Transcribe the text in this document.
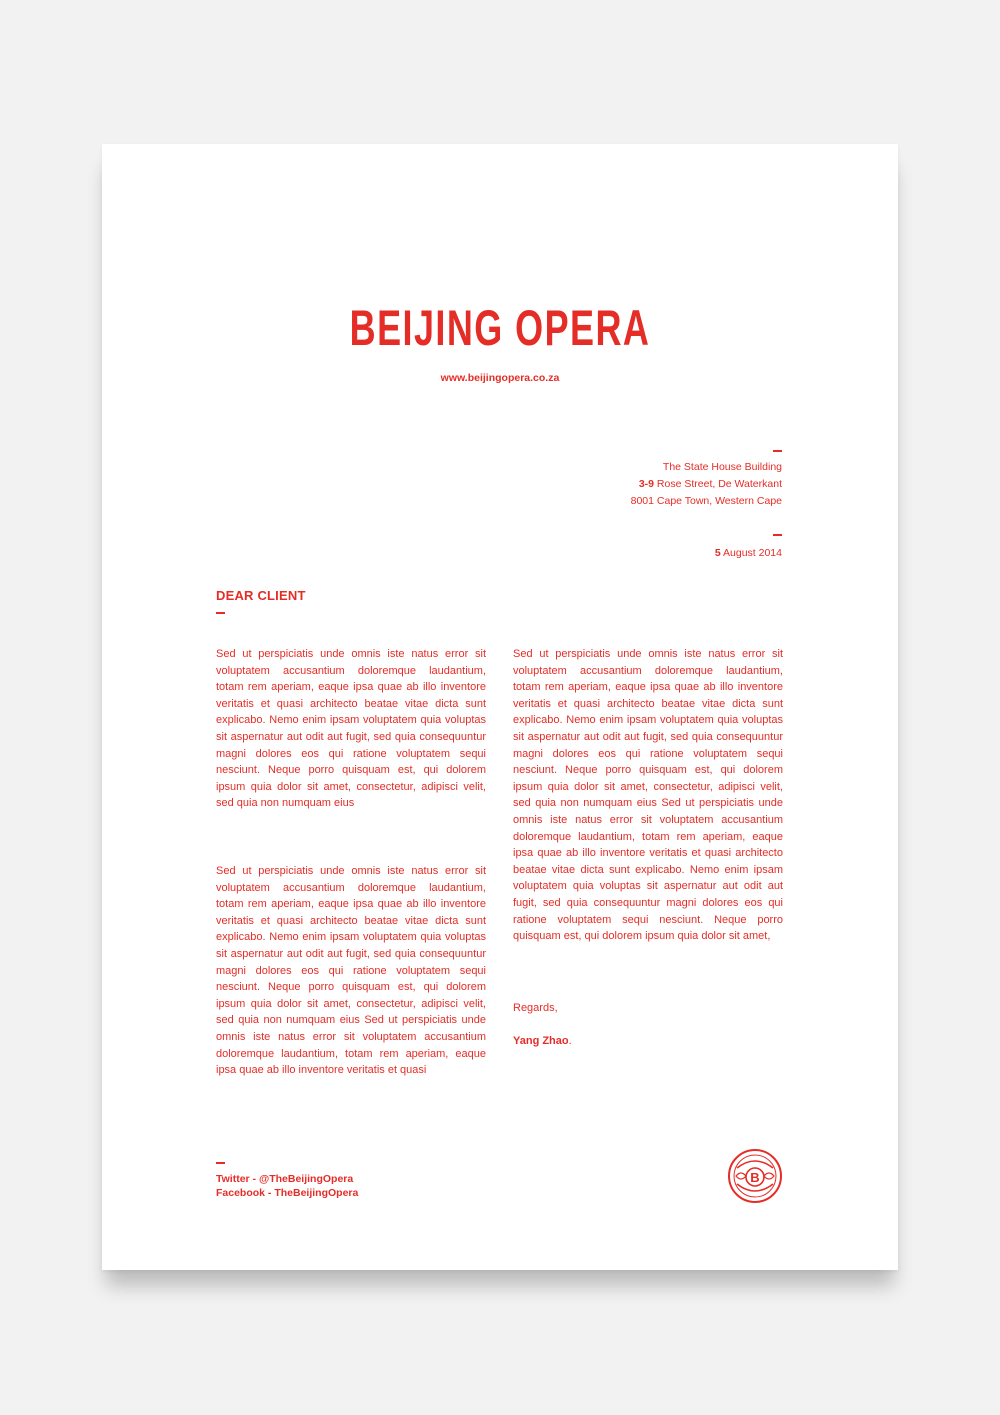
BEIJING OPERA
www.beijingopera.co.za
The State House Building
3-9 Rose Street, De Waterkant
8001 Cape Town, Western Cape
5 August 2014
DEAR CLIENT

Sed ut perspiciatis unde omnis iste natus error sit voluptatem accusantium doloremque laudantium, totam rem aperiam, eaque ipsa quae ab illo inventore veritatis et quasi architecto beatae vitae dicta sunt explicabo. Nemo enim ipsam voluptatem quia voluptas sit aspernatur aut odit aut fugit, sed quia consequuntur magni dolores eos qui ratione voluptatem sequi nesciunt. Neque porro quisquam est, qui dolorem ipsum quia dolor sit amet, consectetur, adipisci velit, sed quia non numquam eius

Sed ut perspiciatis unde omnis iste natus error sit voluptatem accusantium doloremque laudantium, totam rem aperiam, eaque ipsa quae ab illo inventore veritatis et quasi architecto beatae vitae dicta sunt explicabo. Nemo enim ipsam voluptatem quia voluptas sit aspernatur aut odit aut fugit, sed quia consequuntur magni dolores eos qui ratione voluptatem sequi nesciunt. Neque porro quisquam est, qui dolorem ipsum quia dolor sit amet, consectetur, adipisci velit, sed quia non numquam eius Sed ut perspiciatis unde omnis iste natus error sit voluptatem accusantium doloremque laudantium, totam rem aperiam, eaque ipsa quae ab illo inventore veritatis et quasi

Sed ut perspiciatis unde omnis iste natus error sit voluptatem accusantium doloremque laudantium, totam rem aperiam, eaque ipsa quae ab illo inventore veritatis et quasi architecto beatae vitae dicta sunt explicabo. Nemo enim ipsam voluptatem quia voluptas sit aspernatur aut odit aut fugit, sed quia consequuntur magni dolores eos qui ratione voluptatem sequi nesciunt. Neque porro quisquam est, qui dolorem ipsum quia dolor sit amet, consectetur, adipisci velit, sed quia non numquam eius Sed ut perspiciatis unde omnis iste natus error sit voluptatem accusantium doloremque laudantium, totam rem aperiam, eaque ipsa quae ab illo inventore veritatis et quasi architecto beatae vitae dicta sunt explicabo. Nemo enim ipsam voluptatem quia voluptas sit aspernatur aut odit aut fugit, sed quia consequuntur magni dolores eos qui ratione voluptatem sequi nesciunt. Neque porro quisquam est, qui dolorem ipsum quia dolor sit amet,

Regards,
Yang Zhao.
Twitter - @TheBeijingOpera
Facebook - TheBeijingOpera
B
